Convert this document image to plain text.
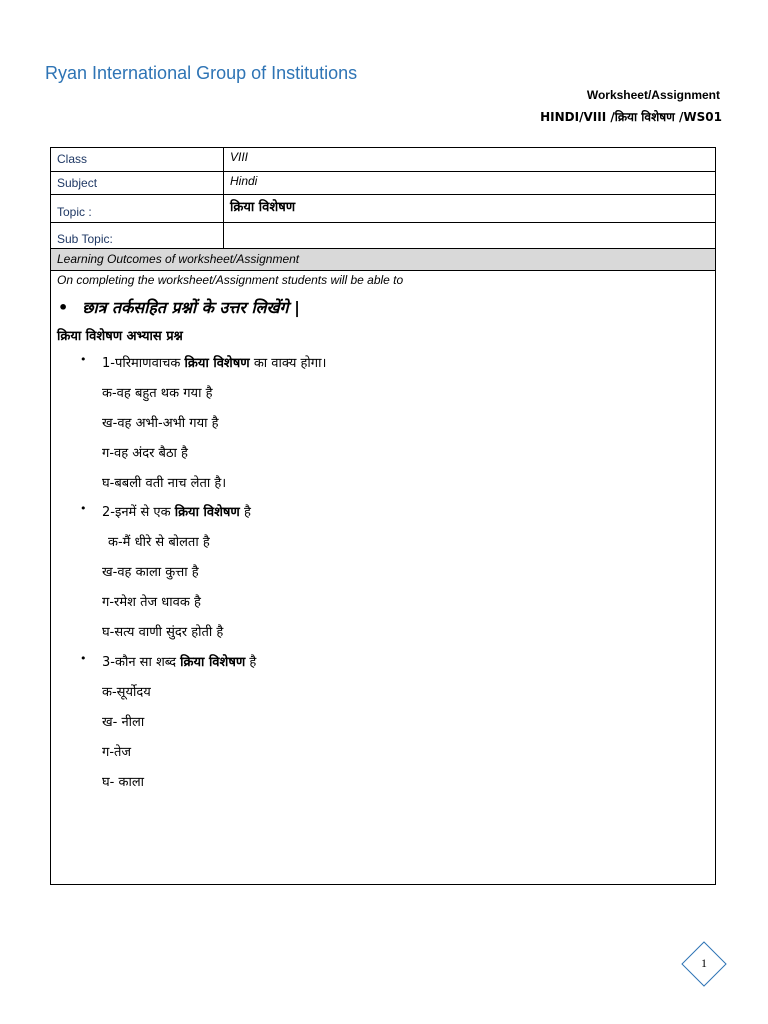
Ryan International Group of Institutions
Worksheet/Assignment
HINDI/VIII /क्रिया विशेषण /WS01
Class	VIII
Subject	Hindi
Topic :	क्रिया विशेषण
Sub Topic:
Learning Outcomes of worksheet/Assignment
On completing the worksheet/Assignment students will be able to
• छात्र तर्कसहित प्रश्नों के उत्तर लिखेंगे |
क्रिया विशेषण अभ्यास प्रश्न
• 1-परिमाणवाचक क्रिया विशेषण का वाक्य होगा।
क-वह बहुत थक गया है
ख-वह अभी-अभी गया है
ग-वह अंदर बैठा है
घ-बबली वती नाच लेता है।
• 2-इनमें से एक क्रिया विशेषण है
क-मैं धीरे से बोलता है
ख-वह काला कुत्ता है
ग-रमेश तेज धावक है
घ-सत्य वाणी सुंदर होती है
• 3-कौन सा शब्द क्रिया विशेषण है
क-सूर्योदय
ख- नीला
ग-तेज
घ- काला
1
